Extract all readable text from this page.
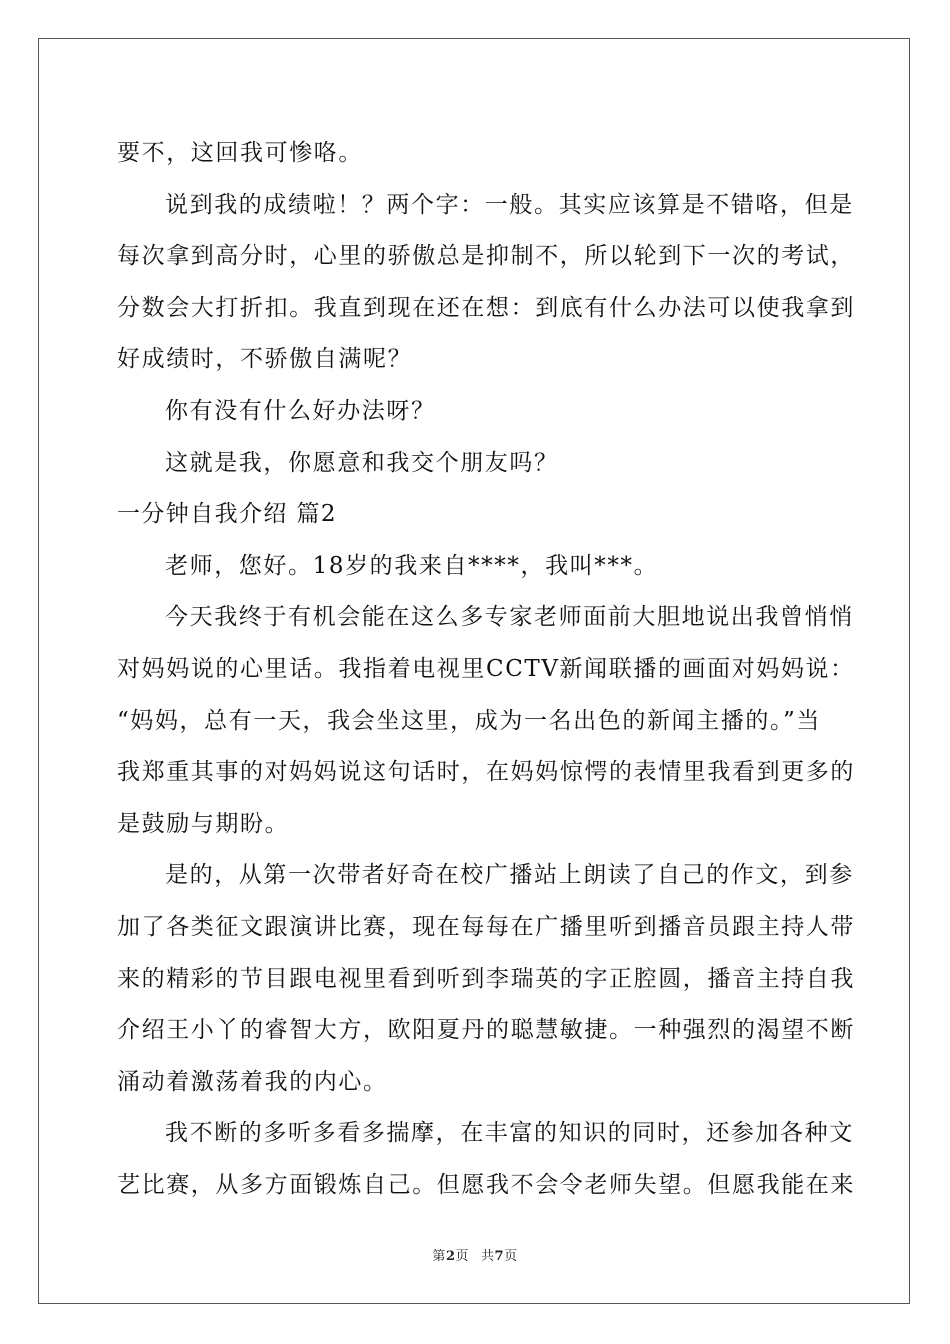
要不，这回我可惨咯。
说到我的成绩啦！？两个字：一般。其实应该算是不错咯，但是
每次拿到高分时，心里的骄傲总是抑制不，所以轮到下一次的考试，
分数会大打折扣。我直到现在还在想：到底有什么办法可以使我拿到
好成绩时，不骄傲自满呢？
你有没有什么好办法呀？
这就是我，你愿意和我交个朋友吗？
一分钟自我介绍 篇2
老师，您好。18岁的我来自****，我叫***。
今天我终于有机会能在这么多专家老师面前大胆地说出我曾悄悄
对妈妈说的心里话。我指着电视里CCTV新闻联播的画面对妈妈说：
“妈妈，总有一天，我会坐这里，成为一名出色的新闻主播的。”当
我郑重其事的对妈妈说这句话时，在妈妈惊愕的表情里我看到更多的
是鼓励与期盼。
是的，从第一次带者好奇在校广播站上朗读了自己的作文，到参
加了各类征文跟演讲比赛，现在每每在广播里听到播音员跟主持人带
来的精彩的节目跟电视里看到听到李瑞英的字正腔圆，播音主持自我
介绍王小丫的睿智大方，欧阳夏丹的聪慧敏捷。一种强烈的渴望不断
涌动着激荡着我的内心。
我不断的多听多看多揣摩，在丰富的知识的同时，还参加各种文
艺比赛，从多方面锻炼自己。但愿我不会令老师失望。但愿我能在来
第2页 共7页
